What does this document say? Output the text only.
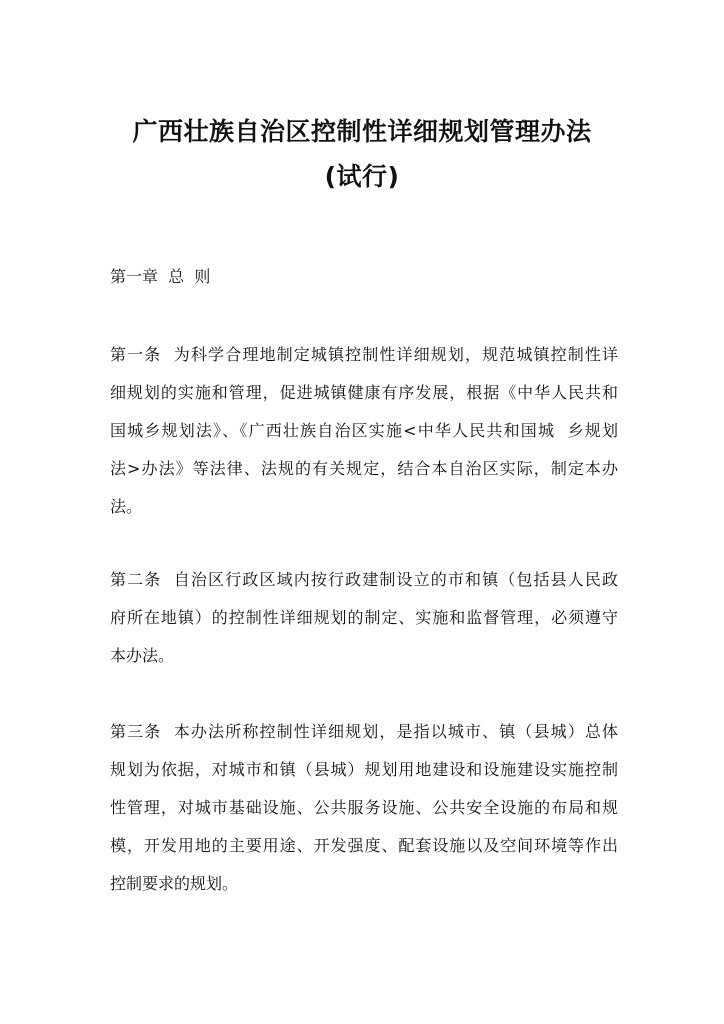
广西壮族自治区控制性详细规划管理办法
(试行)

第一章  总  则

第一条  为科学合理地制定城镇控制性详细规划，规范城镇控制性详
细规划的实施和管理，促进城镇健康有序发展，根据《中华人民共和
国城乡规划法》、《广西壮族自治区实施<中华人民共和国城  乡规划
法>办法》等法律、法规的有关规定，结合本自治区实际，制定本办
法。
第二条  自治区行政区域内按行政建制设立的市和镇（包括县人民政
府所在地镇）的控制性详细规划的制定、实施和监督管理，必须遵守
本办法。
第三条  本办法所称控制性详细规划，是指以城市、镇（县城）总体
规划为依据，对城市和镇（县城）规划用地建设和设施建设实施控制
性管理，对城市基础设施、公共服务设施、公共安全设施的布局和规
模，开发用地的主要用途、开发强度、配套设施以及空间环境等作出
控制要求的规划。
